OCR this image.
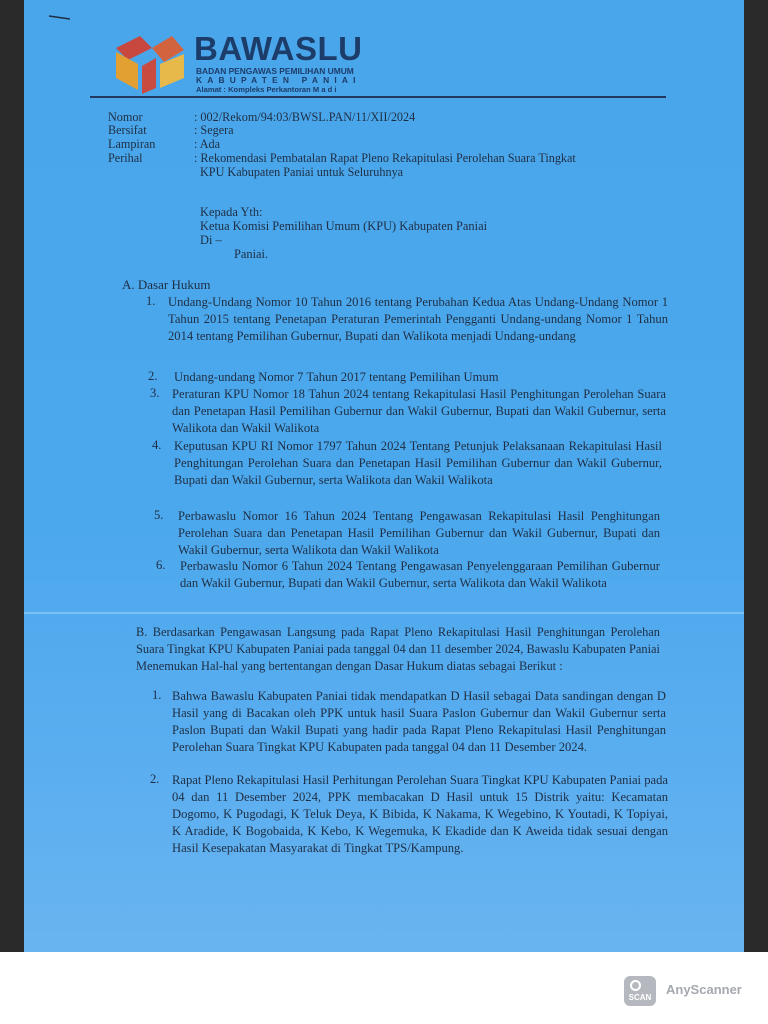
BAWASLU
BADAN PENGAWAS PEMILIHAN UMUM
KABUPATEN PANIAI
Alamat : Kompleks Perkantoran M a d i
Nomor	: 002/Rekom/94:03/BWSL.PAN/11/XII/2024
Bersifat	: Segera
Lampiran	: Ada
Perihal	: Rekomendasi Pembatalan Rapat Pleno Rekapitulasi Perolehan Suara Tingkat
KPU Kabupaten Paniai untuk Seluruhnya
Kepada Yth:
Ketua Komisi Pemilihan Umum (KPU) Kabupaten Paniai
Di –
Paniai.
A. Dasar Hukum
1. Undang-Undang Nomor 10 Tahun 2016 tentang Perubahan Kedua Atas Undang-Undang Nomor 1 Tahun 2015 tentang Penetapan Peraturan Pemerintah Pengganti Undang-undang Nomor 1 Tahun 2014 tentang Pemilihan Gubernur, Bupati dan Walikota menjadi Undang-undang
2. Undang-undang Nomor 7 Tahun 2017 tentang Pemilihan Umum
3. Peraturan KPU Nomor 18 Tahun 2024 tentang Rekapitulasi Hasil Penghitungan Perolehan Suara dan Penetapan Hasil Pemilihan Gubernur dan Wakil Gubernur, Bupati dan Wakil Gubernur, serta Walikota dan Wakil Walikota
4. Keputusan KPU RI Nomor 1797 Tahun 2024 Tentang Petunjuk Pelaksanaan Rekapitulasi Hasil Penghitungan Perolehan Suara dan Penetapan Hasil Pemilihan Gubernur dan Wakil Gubernur, Bupati dan Wakil Gubernur, serta Walikota dan Wakil Walikota
5. Perbawaslu Nomor 16 Tahun 2024 Tentang Pengawasan Rekapitulasi Hasil Penghitungan Perolehan Suara dan Penetapan Hasil Pemilihan Gubernur dan Wakil Gubernur, Bupati dan Wakil Gubernur, serta Walikota dan Wakil Walikota
6. Perbawaslu Nomor 6 Tahun 2024 Tentang Pengawasan Penyelenggaraan Pemilihan Gubernur dan Wakil Gubernur, Bupati dan Wakil Gubernur, serta Walikota dan Wakil Walikota
B. Berdasarkan Pengawasan Langsung pada Rapat Pleno Rekapitulasi Hasil Penghitungan Perolehan Suara Tingkat KPU Kabupaten Paniai pada tanggal 04 dan 11 desember 2024, Bawaslu Kabupaten Paniai Menemukan Hal-hal yang bertentangan dengan Dasar Hukum diatas sebagai Berikut :
1. Bahwa Bawaslu Kabupaten Paniai tidak mendapatkan D Hasil sebagai Data sandingan dengan D Hasil yang di Bacakan oleh PPK untuk hasil Suara Paslon Gubernur dan Wakil Gubernur serta Paslon Bupati dan Wakil Bupati yang hadir pada Rapat Pleno Rekapitulasi Hasil Penghitungan Perolehan Suara Tingkat KPU Kabupaten pada tanggal 04 dan 11 Desember 2024.
2. Rapat Pleno Rekapitulasi Hasil Perhitungan Perolehan Suara Tingkat KPU Kabupaten Paniai pada 04 dan 11 Desember 2024, PPK membacakan D Hasil untuk 15 Distrik yaitu: Kecamatan Dogomo, K Pugodagi, K Teluk Deya, K Bibida, K Nakama, K Wegebino, K Youtadi, K Topiyai, K Aradide, K Bogobaida, K Kebo, K Wegemuka, K Ekadide dan K Aweida tidak sesuai dengan Hasil Kesepakatan Masyarakat di Tingkat TPS/Kampung.
SCAN
AnyScanner
